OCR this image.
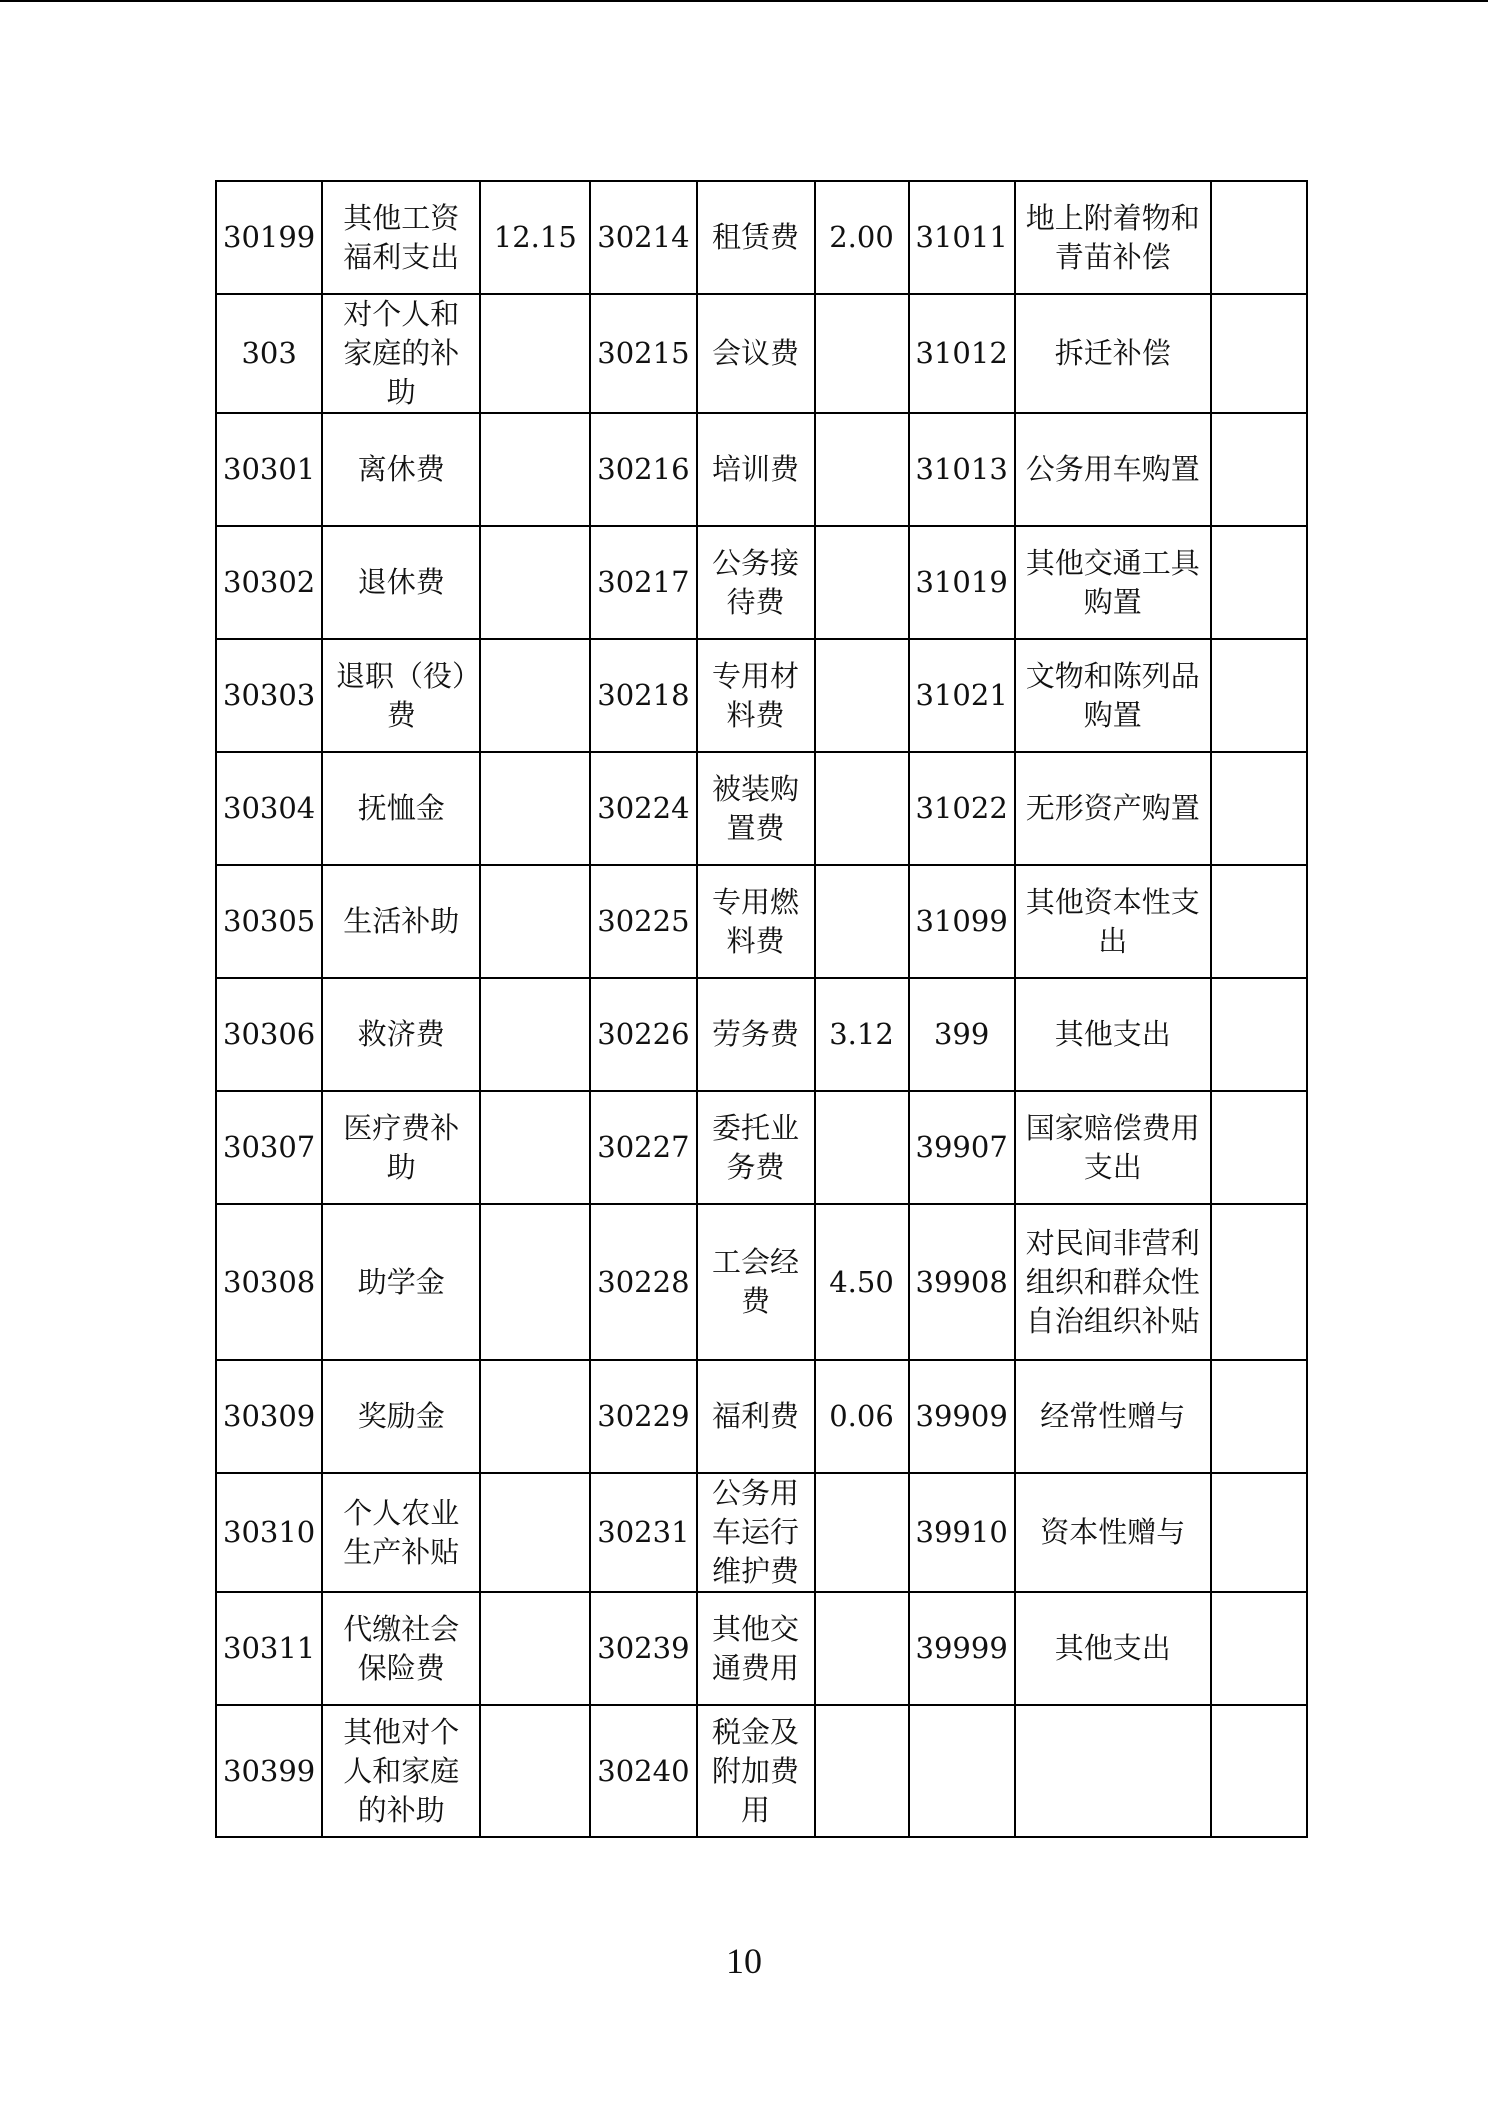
30199	其他工资福利支出	12.15	30214	租赁费	2.00	31011	地上附着物和青苗补偿	
303	对个人和家庭的补助		30215	会议费		31012	拆迁补偿	
30301	离休费		30216	培训费		31013	公务用车购置	
30302	退休费		30217	公务接待费		31019	其他交通工具购置	
30303	退职（役）费		30218	专用材料费		31021	文物和陈列品购置	
30304	抚恤金		30224	被装购置费		31022	无形资产购置	
30305	生活补助		30225	专用燃料费		31099	其他资本性支出	
30306	救济费		30226	劳务费	3.12	399	其他支出	
30307	医疗费补助		30227	委托业务费		39907	国家赔偿费用支出	
30308	助学金		30228	工会经费	4.50	39908	对民间非营利组织和群众性自治组织补贴	
30309	奖励金		30229	福利费	0.06	39909	经常性赠与	
30310	个人农业生产补贴		30231	公务用车运行维护费		39910	资本性赠与	
30311	代缴社会保险费		30239	其他交通费用		39999	其他支出	
30399	其他对个人和家庭的补助		30240	税金及附加费用				
10
